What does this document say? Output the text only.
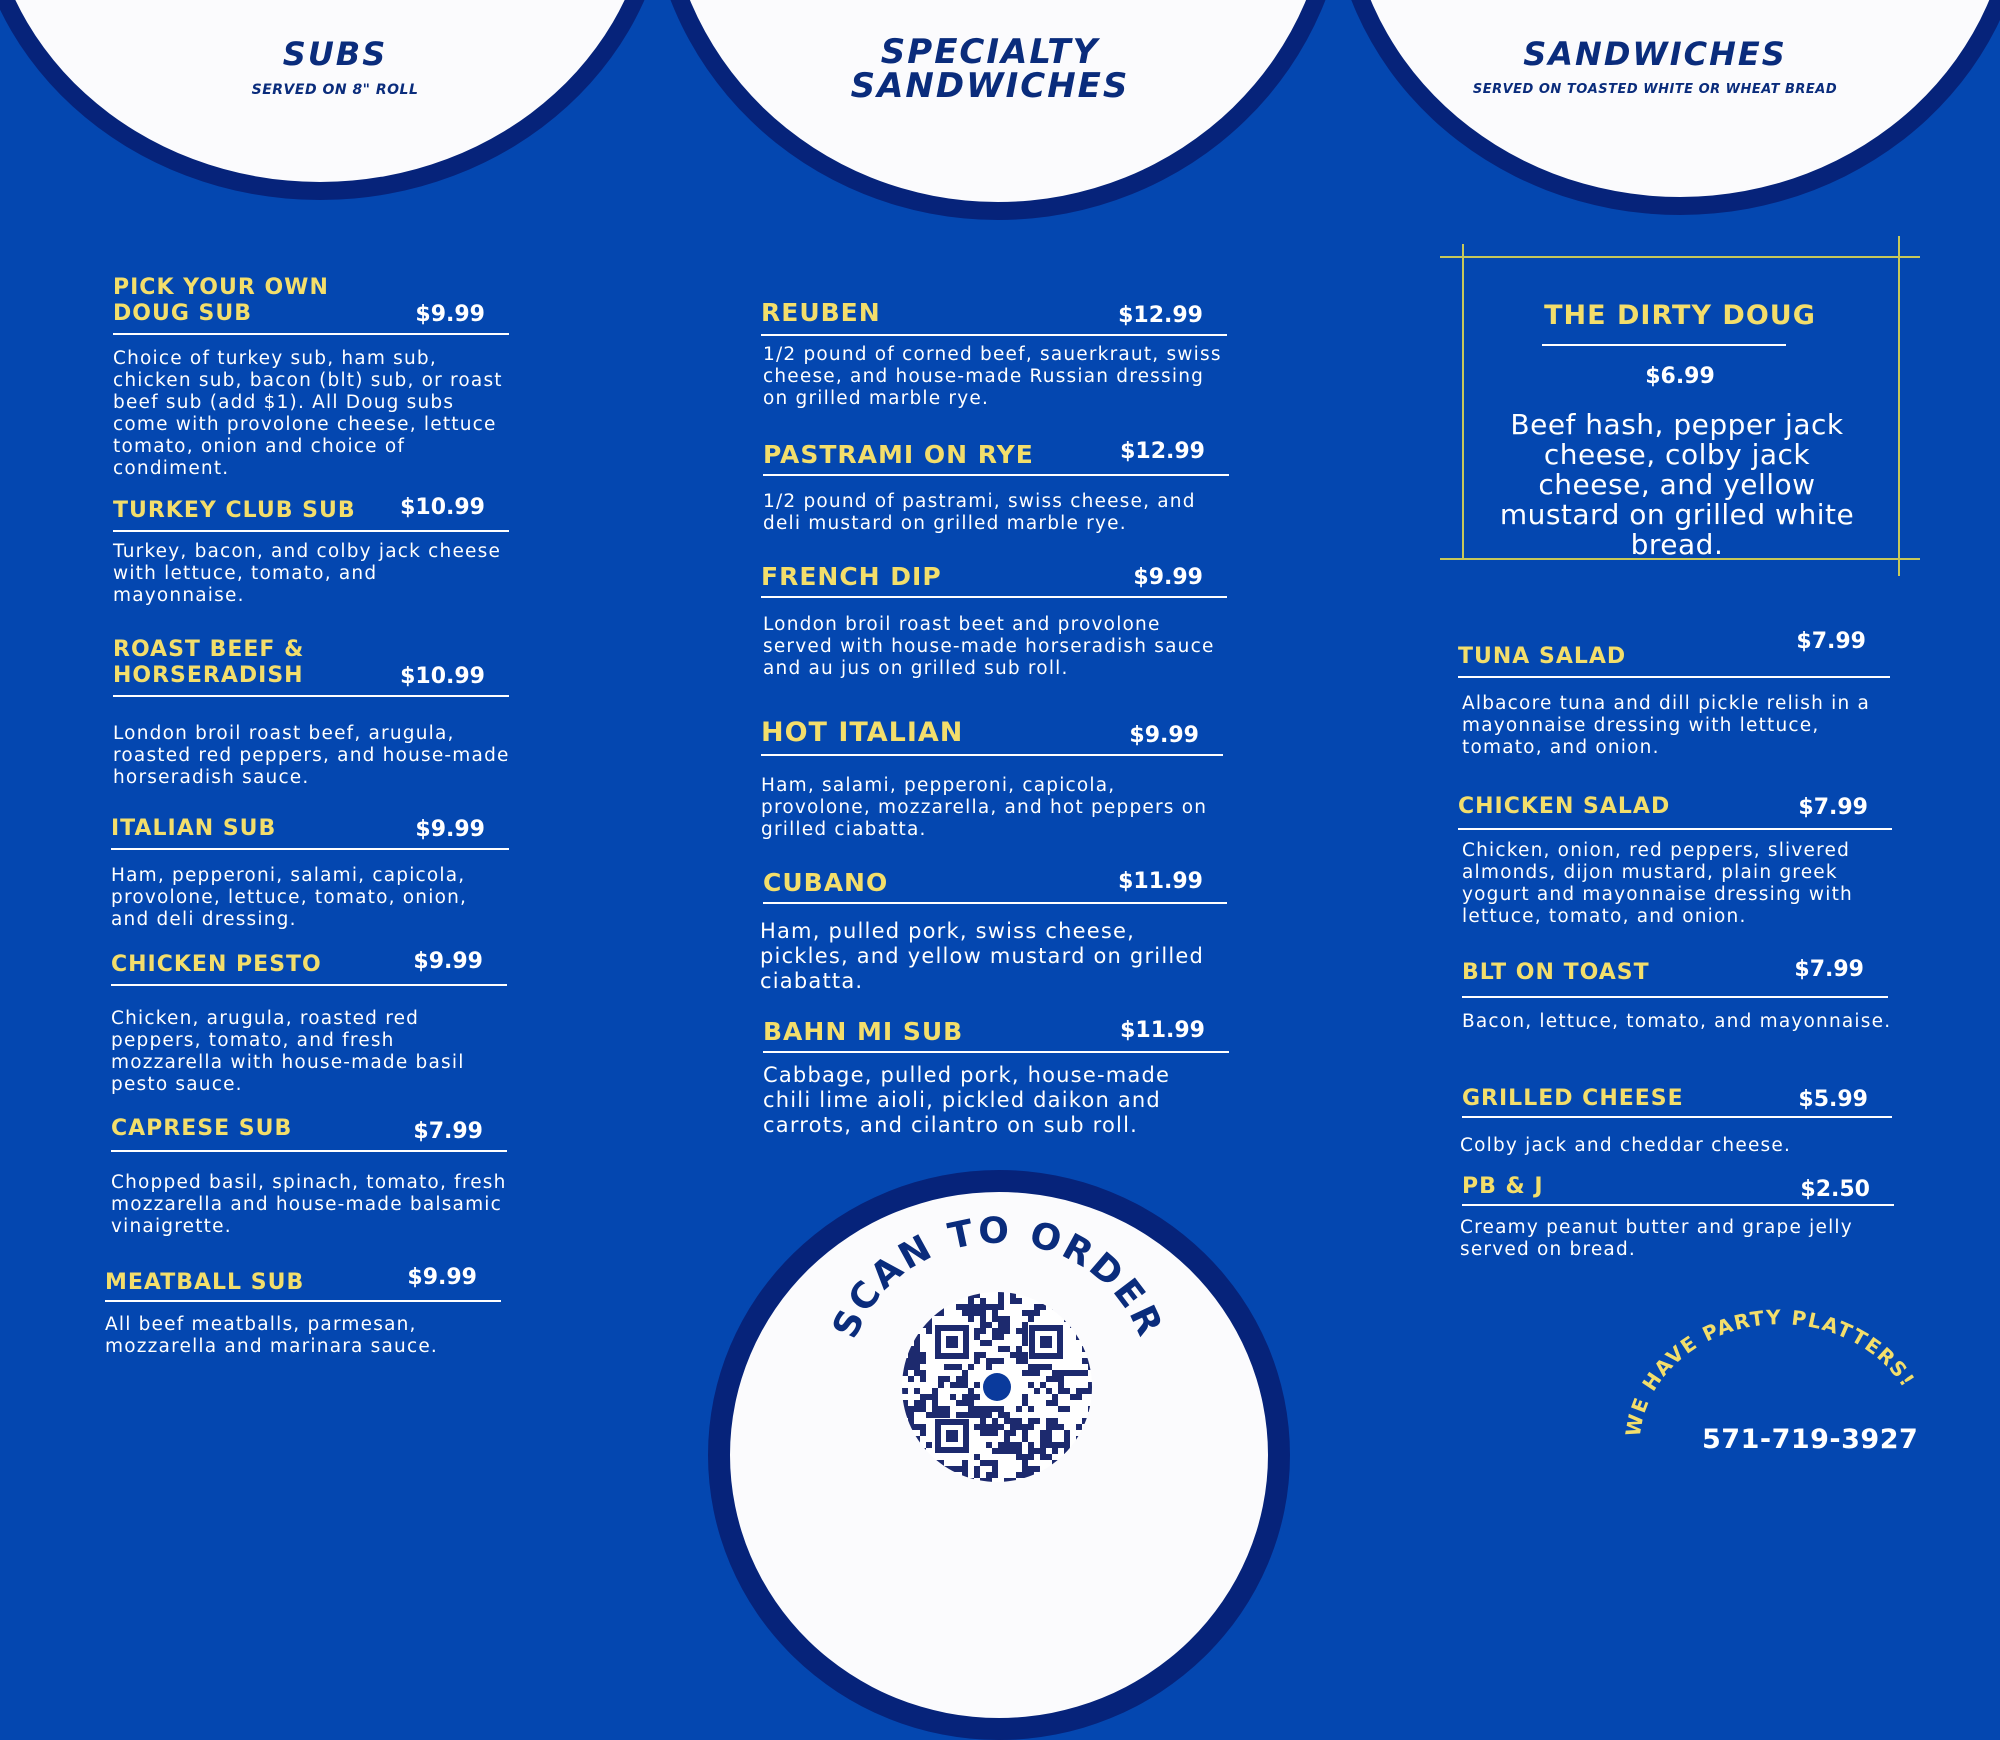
SUBS
SERVED ON 8" ROLL
SPECIALTY
SANDWICHES
SANDWICHES
SERVED ON TOASTED WHITE OR WHEAT BREAD
PICK YOUR OWN
DOUG SUB	$9.99
Choice of turkey sub, ham sub, chicken sub, bacon (blt) sub, or roast beef sub (add $1). All Doug subs come with provolone cheese, lettuce tomato, onion and choice of condiment.
TURKEY CLUB SUB $10.99
Turkey, bacon, and colby jack cheese with lettuce, tomato, and mayonnaise.
ROAST BEEF &
HORSERADISH	$10.99
London broil roast beef, arugula, roasted red peppers, and house-made horseradish sauce.
ITALIAN SUB	$9.99
Ham, pepperoni, salami, capicola, provolone, lettuce, tomato, onion, and deli dressing.
CHICKEN PESTO	$9.99
Chicken, arugula, roasted red peppers, tomato, and fresh mozzarella with house-made basil pesto sauce.
CAPRESE SUB	$7.99
Chopped basil, spinach, tomato, fresh mozzarella and house-made balsamic vinaigrette.
MEATBALL SUB	$9.99
All beef meatballs, parmesan, mozzarella and marinara sauce.
REUBEN	$12.99
1/2 pound of corned beef, sauerkraut, swiss cheese, and house-made Russian dressing on grilled marble rye.
PASTRAMI ON RYE	$12.99
1/2 pound of pastrami, swiss cheese, and deli mustard on grilled marble rye.
FRENCH DIP	$9.99
London broil roast beet and provolone served with house-made horseradish sauce and au jus on grilled sub roll.
HOT ITALIAN	$9.99
Ham, salami, pepperoni, capicola, provolone, mozzarella, and hot peppers on grilled ciabatta.
CUBANO	$11.99
Ham, pulled pork, swiss cheese, pickles, and yellow mustard on grilled ciabatta.
BAHN MI SUB	$11.99
Cabbage, pulled pork, house-made chili lime aioli, pickled daikon and carrots, and cilantro on sub roll.
THE DIRTY DOUG
$6.99
Beef hash, pepper jack cheese, colby jack cheese, and yellow mustard on grilled white bread.
TUNA SALAD
$7.99
Albacore tuna and dill pickle relish in a mayonnaise dressing with lettuce, tomato, and onion.
CHICKEN SALAD	$7.99
Chicken, onion, red peppers, slivered almonds, dijon mustard, plain greek yogurt and mayonnaise dressing with lettuce, tomato, and onion.
BLT ON TOAST	$7.99
Bacon, lettuce, tomato, and mayonnaise.
GRILLED CHEESE	$5.99
Colby jack and cheddar cheese.
PB & J	$2.50
Creamy peanut butter and grape jelly served on bread.
SCAN TO ORDER
WE HAVE PARTY PLATTERS!
571-719-3927
